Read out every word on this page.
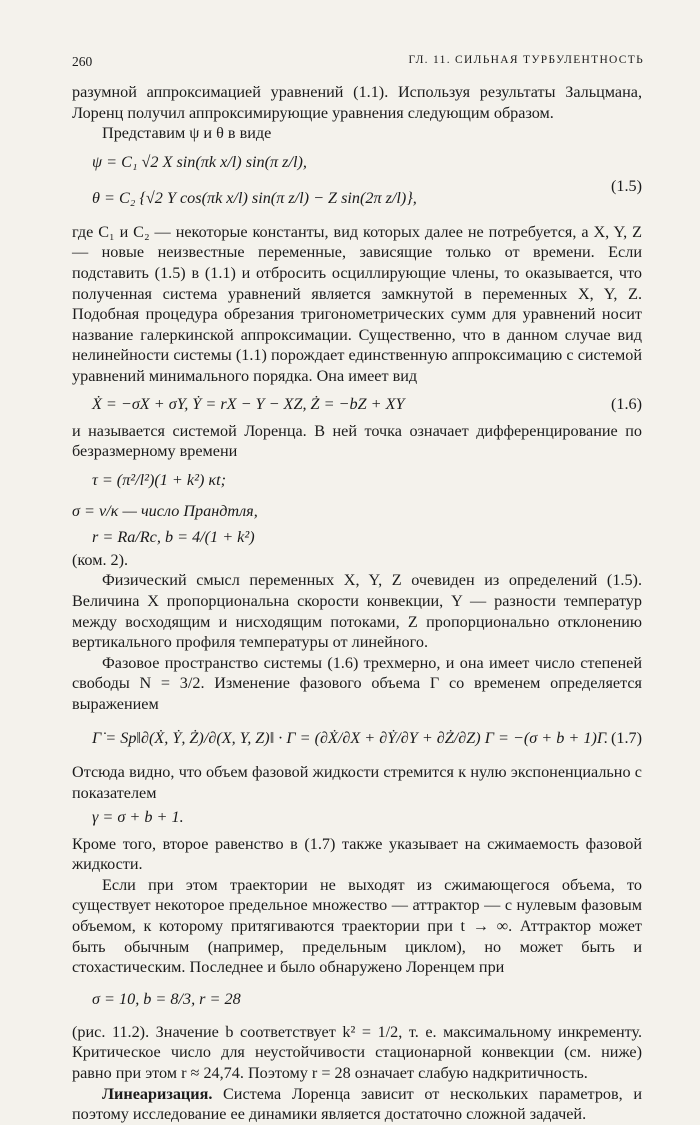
260	ГЛ. 11. СИЛЬНАЯ ТУРБУЛЕНТНОСТЬ

разумной аппроксимацией уравнений (1.1). Используя результаты Зальцмана, Лоренц получил аппроксимирующие уравнения следующим образом.

Представим ψ и θ в виде

ψ = C₁ √2 X sin(πk x/l) sin(π z/l),
θ = C₂ {√2 Y cos(πk x/l) sin(π z/l) − Z sin(2π z/l)},
(1.5)

где C₁ и C₂ — некоторые константы, вид которых далее не потребуется, а X, Y, Z — новые неизвестные переменные, зависящие только от времени. Если подставить (1.5) в (1.1) и отбросить осциллирующие члены, то оказывается, что полученная система уравнений является замкнутой в переменных X, Y, Z. Подобная процедура обрезания тригонометрических сумм для уравнений носит название галеркинской аппроксимации. Существенно, что в данном случае вид нелинейности системы (1.1) порождает единственную аппроксимацию с системой уравнений минимального порядка. Она имеет вид

Ẋ = −σX + σY, Ẏ = rX − Y − XZ, Ż = −bZ + XY	(1.6)

и называется системой Лоренца. В ней точка означает дифференцирование по безразмерному времени

τ = (π²/l²)(1 + k²) κt;
σ = ν/κ — число Прандтля,
r = Ra/Rc, b = 4/(1 + k²)

(ком. 2).

Физический смысл переменных X, Y, Z очевиден из определений (1.5). Величина X пропорциональна скорости конвекции, Y — разности температур между восходящим и нисходящим потоками, Z пропорционально отклонению вертикального профиля температуры от линейного.

Фазовое пространство системы (1.6) трехмерно, и она имеет число степеней свободы N = 3/2. Изменение фазового объема Γ со временем определяется выражением

Γ̇ = Sp‖∂(Ẋ, Ẏ, Ż)/∂(X, Y, Z)‖ · Γ = (∂Ẋ/∂X + ∂Ẏ/∂Y + ∂Ż/∂Z) Γ = −(σ + b + 1)Γ. (1.7)

Отсюда видно, что объем фазовой жидкости стремится к нулю экспоненциально с показателем

γ = σ + b + 1.

Кроме того, второе равенство в (1.7) также указывает на сжимаемость фазовой жидкости.

Если при этом траектории не выходят из сжимающегося объема, то существует некоторое предельное множество — аттрактор — с нулевым фазовым объемом, к которому притягиваются траектории при t → ∞. Аттрактор может быть обычным (например, предельным циклом), но может быть и стохастическим. Последнее и было обнаружено Лоренцем при

σ = 10, b = 8/3, r = 28

(рис. 11.2). Значение b соответствует k² = 1/2, т. е. максимальному инкременту. Критическое число для неустойчивости стационарной конвекции (см. ниже) равно при этом r ≈ 24,74. Поэтому r = 28 означает слабую надкритичность.

Линеаризация. Система Лоренца зависит от нескольких параметров, и поэтому исследование ее динамики является достаточно сложной задачей.
